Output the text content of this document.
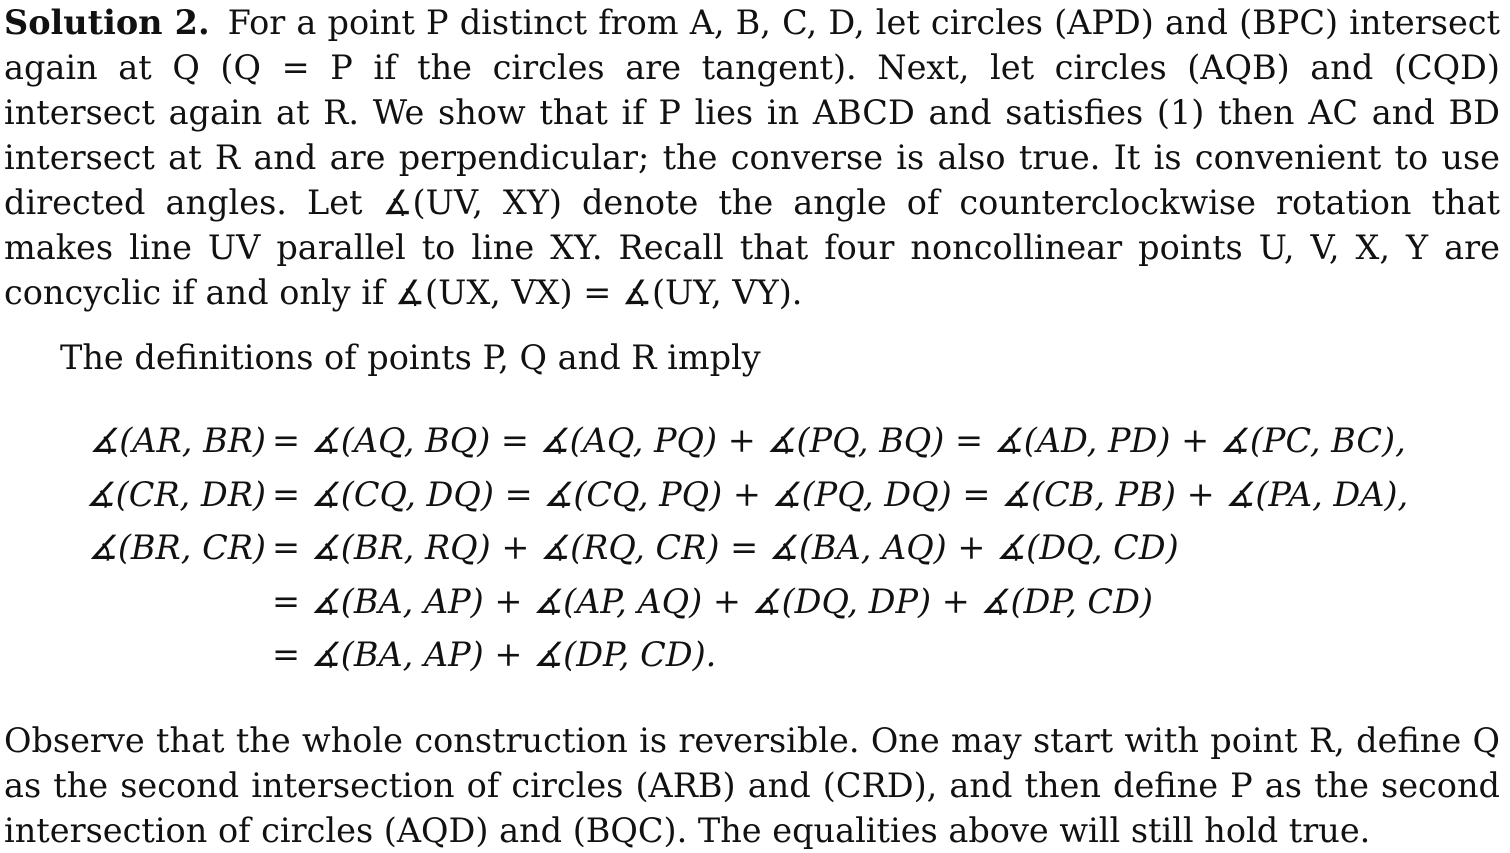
Solution 2. For a point P distinct from A, B, C, D, let circles (APD) and (BPC) intersect again at Q (Q = P if the circles are tangent). Next, let circles (AQB) and (CQD) intersect again at R. We show that if P lies in ABCD and satisfies (1) then AC and BD intersect at R and are perpendicular; the converse is also true. It is convenient to use directed angles. Let ∡(UV, XY) denote the angle of counterclockwise rotation that makes line UV parallel to line XY. Recall that four noncollinear points U, V, X, Y are concyclic if and only if ∡(UX, VX) = ∡(UY, VY).

The definitions of points P, Q and R imply

∡(AR, BR) = ∡(AQ, BQ) = ∡(AQ, PQ) + ∡(PQ, BQ) = ∡(AD, PD) + ∡(PC, BC),
∡(CR, DR) = ∡(CQ, DQ) = ∡(CQ, PQ) + ∡(PQ, DQ) = ∡(CB, PB) + ∡(PA, DA),
∡(BR, CR) = ∡(BR, RQ) + ∡(RQ, CR) = ∡(BA, AQ) + ∡(DQ, CD)
= ∡(BA, AP) + ∡(AP, AQ) + ∡(DQ, DP) + ∡(DP, CD)
= ∡(BA, AP) + ∡(DP, CD).

Observe that the whole construction is reversible. One may start with point R, define Q as the second intersection of circles (ARB) and (CRD), and then define P as the second intersection of circles (AQD) and (BQC). The equalities above will still hold true.
